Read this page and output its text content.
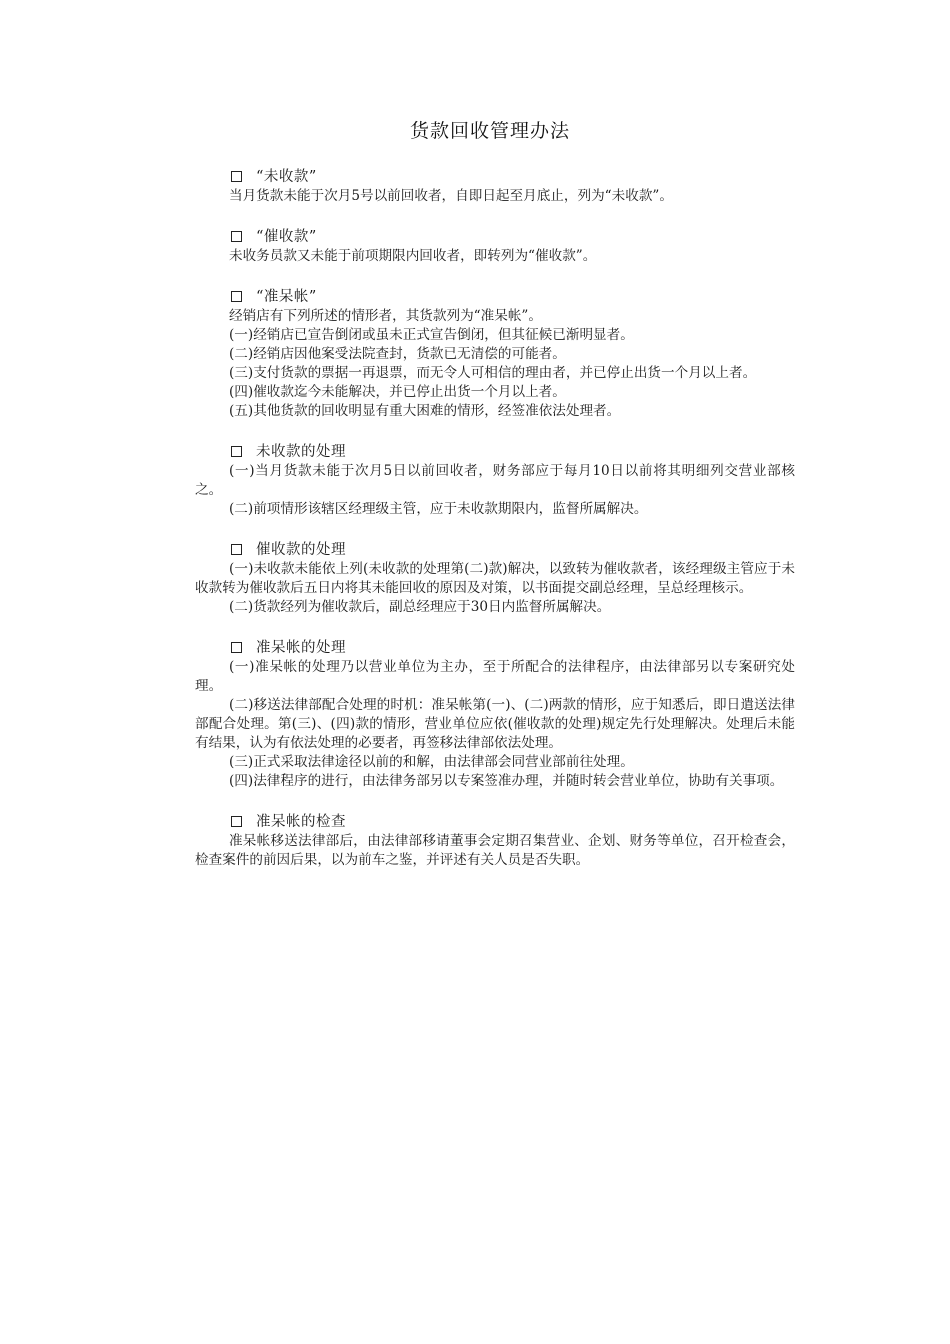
货款回收管理办法
“未收款”
当月货款未能于次月5号以前回收者，自即日起至月底止，列为“未收款”。
“催收款”
未收务员款又未能于前项期限内回收者，即转列为“催收款”。
“准呆帐”
经销店有下列所述的情形者，其货款列为“准呆帐”。
(一)经销店已宣告倒闭或虽未正式宣告倒闭，但其征候已渐明显者。
(二)经销店因他案受法院查封，货款已无清偿的可能者。
(三)支付货款的票据一再退票，而无令人可相信的理由者，并已停止出货一个月以上者。
(四)催收款迄今未能解决，并已停止出货一个月以上者。
(五)其他货款的回收明显有重大困难的情形，经签准依法处理者。
未收款的处理
(一)当月货款未能于次月5日以前回收者，财务部应于每月10日以前将其明细列交营业部核之。
(二)前项情形该辖区经理级主管，应于未收款期限内，监督所属解决。
催收款的处理
(一)未收款未能依上列(未收款的处理第(二)款)解决，以致转为催收款者，该经理级主管应于未收款转为催收款后五日内将其未能回收的原因及对策，以书面提交副总经理，呈总经理核示。
(二)货款经列为催收款后，副总经理应于30日内监督所属解决。
准呆帐的处理
(一)准呆帐的处理乃以营业单位为主办，至于所配合的法律程序，由法律部另以专案研究处理。
(二)移送法律部配合处理的时机：准呆帐第(一)、(二)两款的情形，应于知悉后，即日遣送法律部配合处理。第(三)、(四)款的情形，营业单位应依(催收款的处理)规定先行处理解决。处理后未能有结果，认为有依法处理的必要者，再签移法律部依法处理。
(三)正式采取法律途径以前的和解，由法律部会同营业部前往处理。
(四)法律程序的进行，由法律务部另以专案签准办理，并随时转会营业单位，协助有关事项。
准呆帐的检查
准呆帐移送法律部后，由法律部移请董事会定期召集营业、企划、财务等单位，召开检查会，检查案件的前因后果，以为前车之鉴，并评述有关人员是否失职。
